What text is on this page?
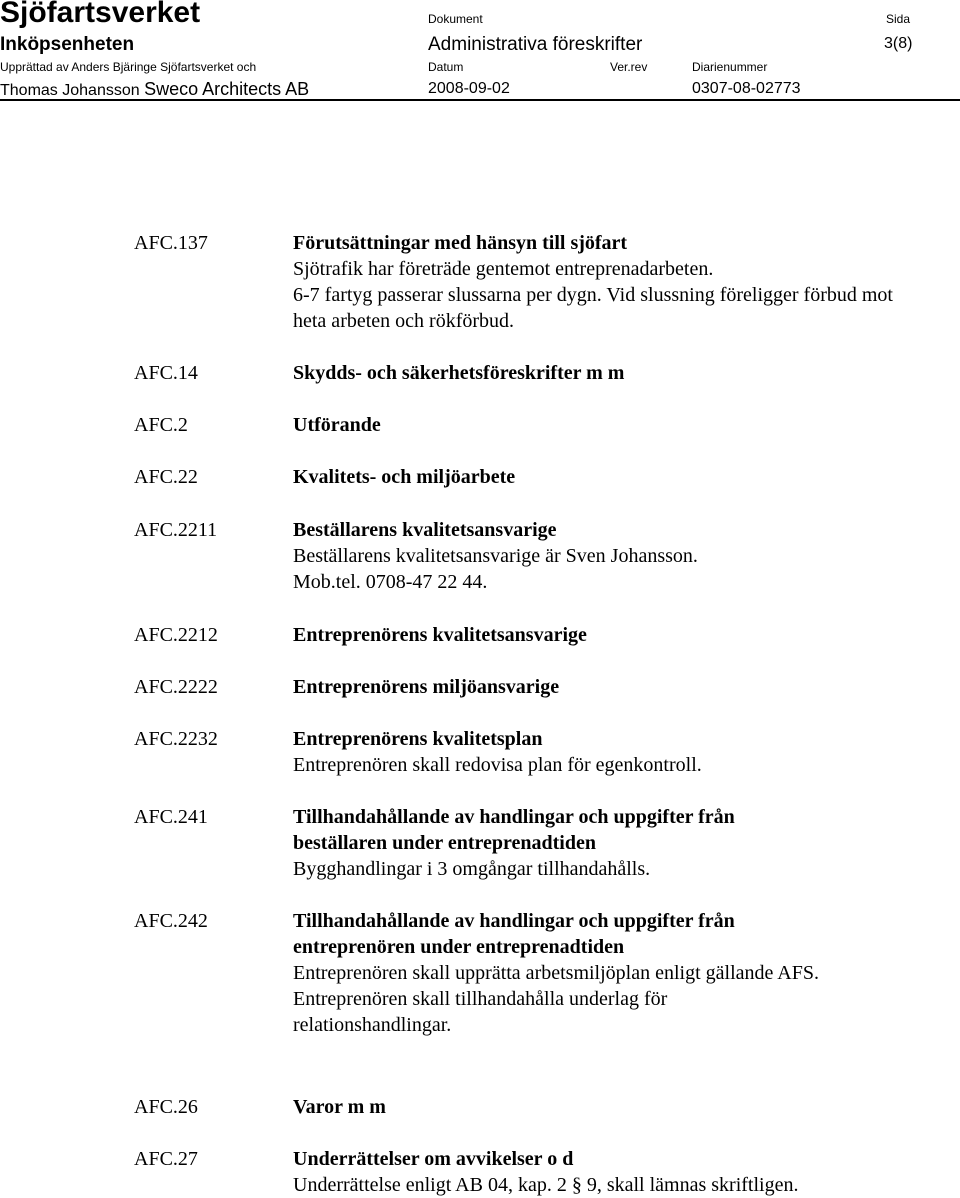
Sjöfartsverket
Inköpsenheten
Upprättad av Anders Bjäringe Sjöfartsverket och
Thomas Johansson Sweco Architects AB
Dokument
Administrativa föreskrifter
Datum
2008-09-02
Ver.rev	Diarienummer
0307-08-02773
Sida
3(8)
AFC.137
AFC.14
AFC.2
AFC.22
AFC.2211
AFC.2212
AFC.2222
AFC.2232
AFC.241
AFC.242
AFC.26
AFC.27
Förutsättningar med hänsyn till sjöfart
Sjötrafik har företräde gentemot entreprenadarbeten.
6-7 fartyg passerar slussarna per dygn. Vid slussning föreligger förbud mot heta arbeten och rökförbud.
Skydds- och säkerhetsföreskrifter m m
Utförande
Kvalitets- och miljöarbete
Beställarens kvalitetsansvarige
Beställarens kvalitetsansvarige är Sven Johansson.
Mob.tel. 0708-47 22 44.
Entreprenörens kvalitetsansvarige
Entreprenörens miljöansvarige
Entreprenörens kvalitetsplan
Entreprenören skall redovisa plan för egenkontroll.
Tillhandahållande av handlingar och uppgifter från beställaren under entreprenadtiden
Bygghandlingar i 3 omgångar tillhandahålls.
Tillhandahållande av handlingar och uppgifter från entreprenören under entreprenadtiden
Entreprenören skall upprätta arbetsmiljöplan enligt gällande AFS.
Entreprenören skall tillhandahålla underlag för relationshandlingar.
Varor m m
Underrättelser om avvikelser o d
Underrättelse enligt AB 04, kap. 2 § 9, skall lämnas skriftligen.
